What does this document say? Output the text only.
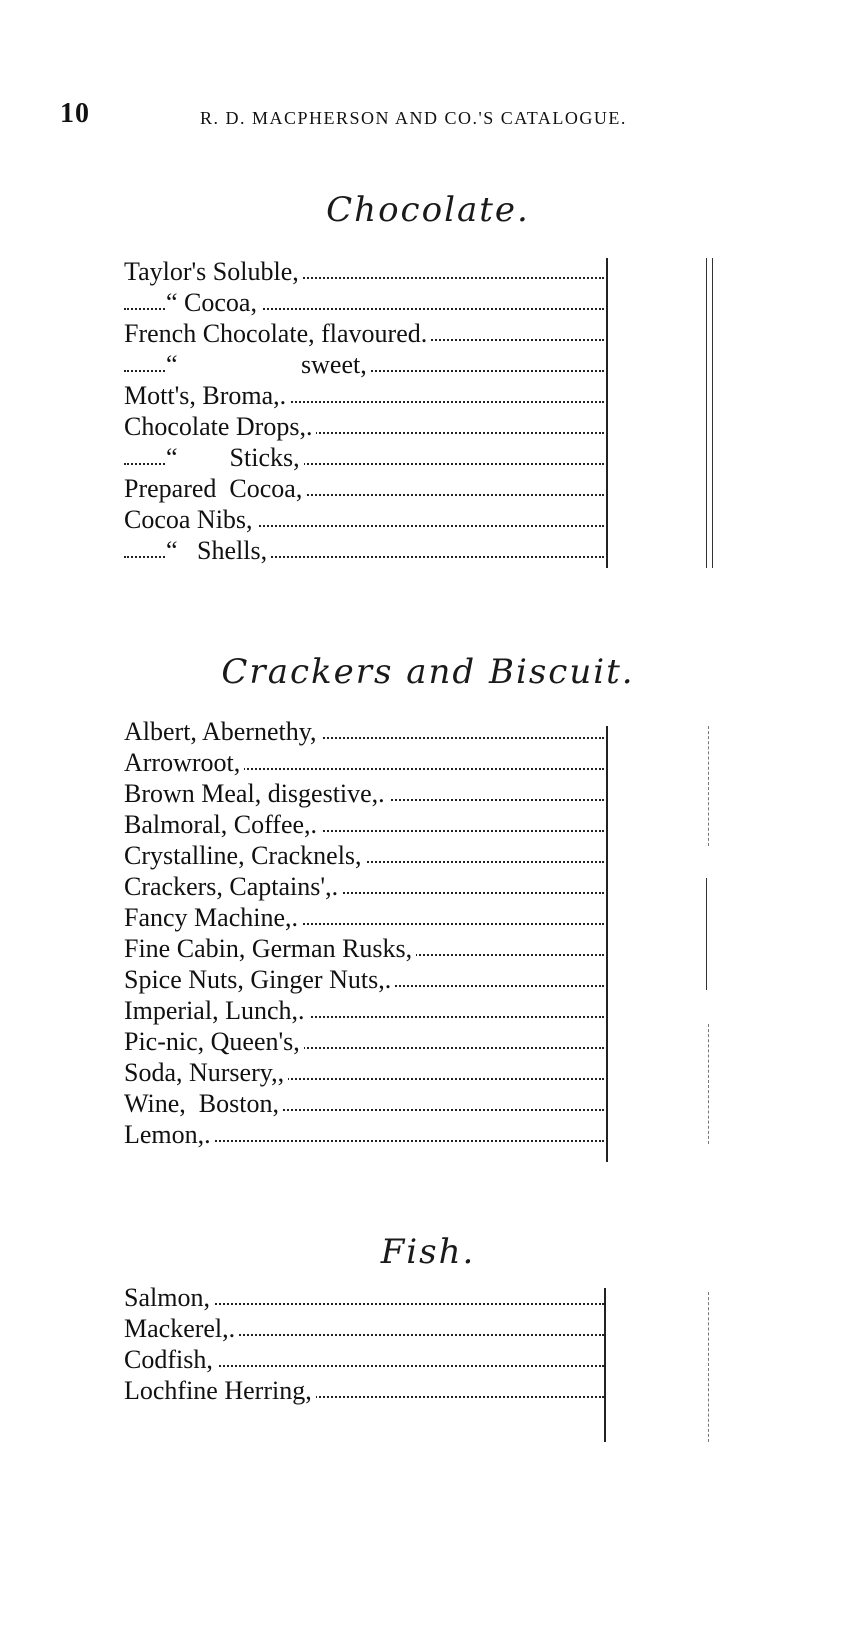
10	R. D. MACPHERSON AND CO.'S CATALOGUE.
Chocolate.
Taylor's Soluble,
“ Cocoa,
French Chocolate, flavoured.
“                   sweet,
Mott's, Broma,.
Chocolate Drops,.
“        Sticks,
Prepared  Cocoa,
Cocoa Nibs,
“   Shells,
Crackers and Biscuit.
Albert, Abernethy,
Arrowroot,
Brown Meal, disgestive,.
Balmoral, Coffee,.
Crystalline, Cracknels,
Crackers, Captains',.
Fancy Machine,.
Fine Cabin, German Rusks,
Spice Nuts, Ginger Nuts,.
Imperial, Lunch,.
Pic-nic, Queen's,
Soda, Nursery,,
Wine,  Boston,
Lemon,.
Fish.
Salmon,
Mackerel,.
Codfish,
Lochfine Herring,
